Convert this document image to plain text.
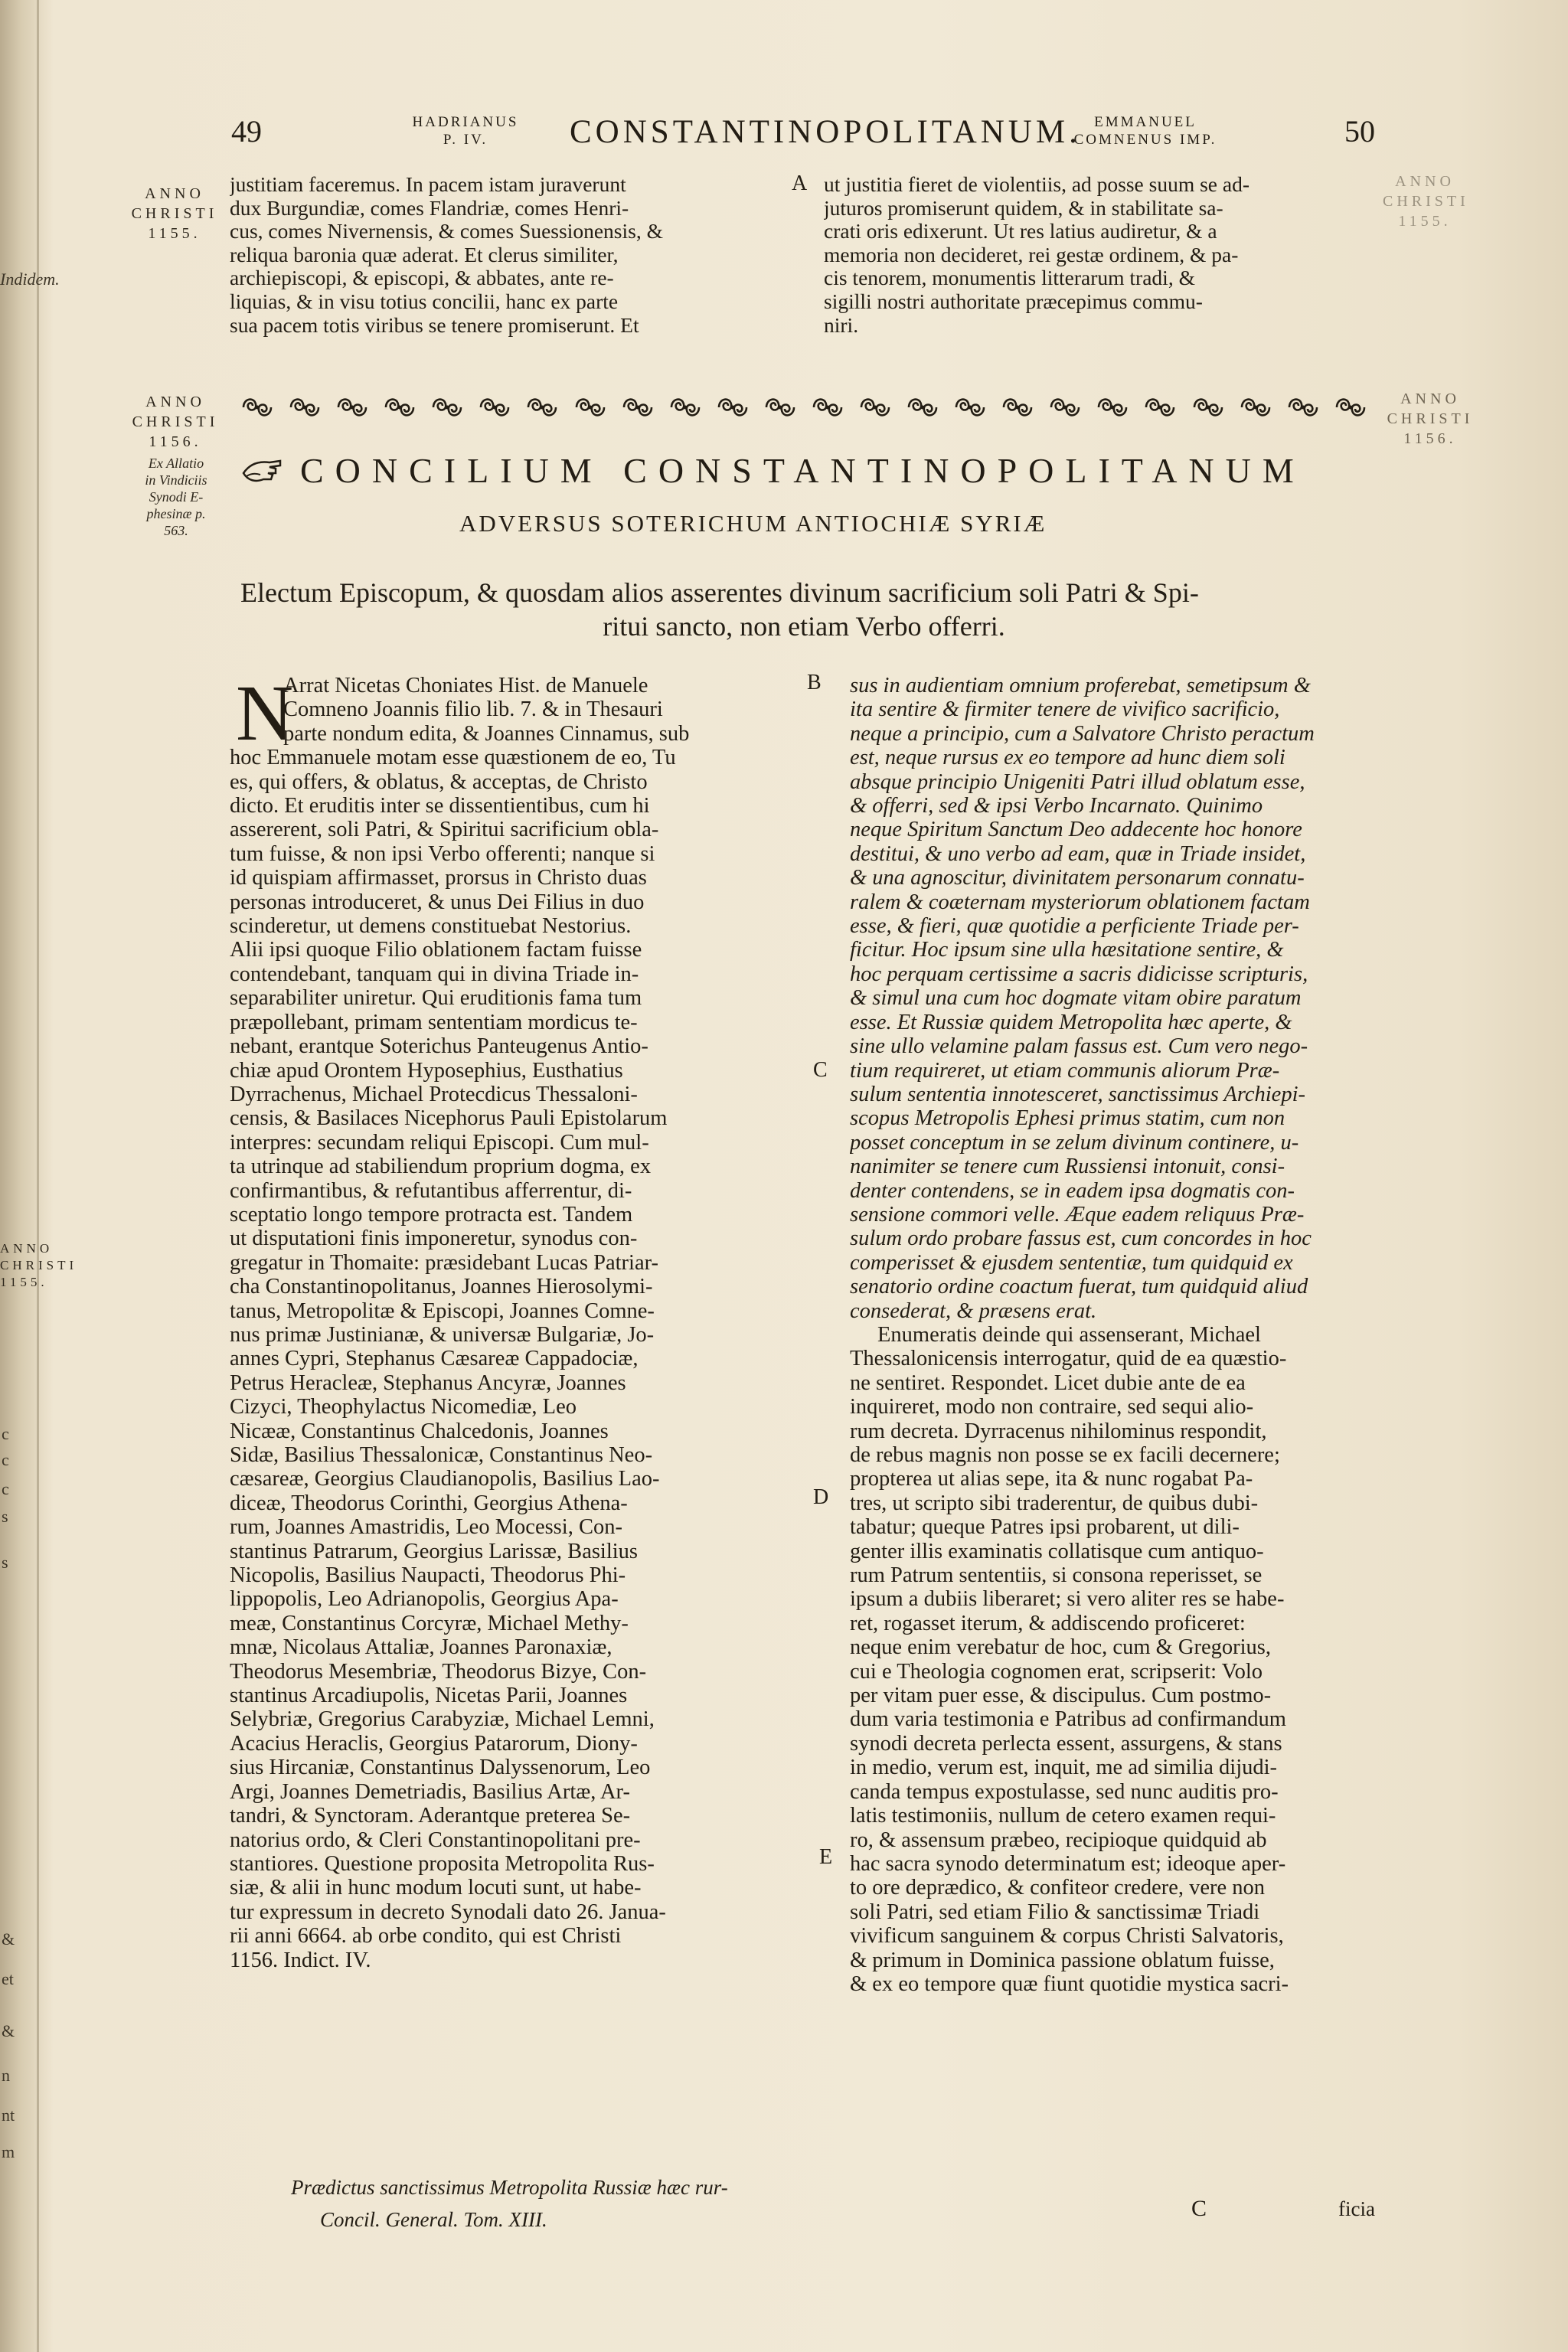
Indidem.
ANNO
CHRISTI
1155.
c
c
c
s
s
&
et
&
n
nt
m
49	HADRIANUS
P. IV.	CONSTANTINOPOLITANUM. EMMANUEL
COMNENUS IMP.	50
ANNO
CHRISTI
1155.
ANNO
CHRISTI
1155.
ANNO
CHRISTI
1156.
Ex Allatio
in Vindiciis
Synodi E-
phesinæ p.
563.
ANNO
CHRISTI
1156.
justitiam faceremus. In pacem istam juraverunt
dux Burgundiæ, comes Flandriæ, comes Henri-
cus, comes Nivernensis, & comes Suessionensis, &
reliqua baronia quæ aderat. Et clerus similiter,
archiepiscopi, & episcopi, & abbates, ante re-
liquias, & in visu totius concilii, hanc ex parte
sua pacem totis viribus se tenere promiserunt. Et
A ut justitia fieret de violentiis, ad posse suum se ad-
juturos promiserunt quidem, & in stabilitate sa-
crati oris edixerunt. Ut res latius audiretur, & a
memoria non decideret, rei gestæ ordinem, & pa-
cis tenorem, monumentis litterarum tradi, &
sigilli nostri authoritate præcepimus commu-
niri.
CONCILIUM CONSTANTINOPOLITANUM
ADVERSUS SOTERICHUM ANTIOCHIÆ SYRIÆ
Electum Episcopum, & quosdam alios asserentes divinum sacrificium soli Patri & Spi-
ritui sancto, non etiam Verbo offerri.
N
Arrat Nicetas Choniates Hist. de Manuele
Comneno Joannis filio lib. 7. & in Thesauri
parte nondum edita, & Joannes Cinnamus, sub
hoc Emmanuele motam esse quæstionem de eo, Tu
es, qui offers, & oblatus, & acceptas, de Christo
dicto. Et eruditis inter se dissentientibus, cum hi
assererent, soli Patri, & Spiritui sacrificium obla-
tum fuisse, & non ipsi Verbo offerenti; nanque si
id quispiam affirmasset, prorsus in Christo duas
personas introduceret, & unus Dei Filius in duo
scinderetur, ut demens constituebat Nestorius.
Alii ipsi quoque Filio oblationem factam fuisse
contendebant, tanquam qui in divina Triade in-
separabiliter uniretur. Qui eruditionis fama tum
præpollebant, primam sententiam mordicus te-
nebant, erantque Soterichus Panteugenus Antio-
chiæ apud Orontem Hyposephius, Eusthatius
Dyrrachenus, Michael Protecdicus Thessaloni-
censis, & Basilaces Nicephorus Pauli Epistolarum
interpres: secundam reliqui Episcopi. Cum mul-
ta utrinque ad stabiliendum proprium dogma, ex
confirmantibus, & refutantibus afferrentur, di-
sceptatio longo tempore protracta est. Tandem
ut disputationi finis imponeretur, synodus con-
gregatur in Thomaite: præsidebant Lucas Patriar-
cha Constantinopolitanus, Joannes Hierosolymi-
tanus, Metropolitæ & Episcopi, Joannes Comne-
nus primæ Justinianæ, & universæ Bulgariæ, Jo-
annes Cypri, Stephanus Cæsareæ Cappadociæ,
Petrus Heracleæ, Stephanus Ancyræ, Joannes
Cizyci, Theophylactus Nicomediæ, Leo
Nicææ, Constantinus Chalcedonis, Joannes
Sidæ, Basilius Thessalonicæ, Constantinus Neo-
cæsareæ, Georgius Claudianopolis, Basilius Lao-
diceæ, Theodorus Corinthi, Georgius Athena-
rum, Joannes Amastridis, Leo Mocessi, Con-
stantinus Patrarum, Georgius Larissæ, Basilius
Nicopolis, Basilius Naupacti, Theodorus Phi-
lippopolis, Leo Adrianopolis, Georgius Apa-
meæ, Constantinus Corcyræ, Michael Methy-
mnæ, Nicolaus Attaliæ, Joannes Paronaxiæ,
Theodorus Mesembriæ, Theodorus Bizye, Con-
stantinus Arcadiupolis, Nicetas Parii, Joannes
Selybriæ, Gregorius Carabyziæ, Michael Lemni,
Acacius Heraclis, Georgius Patarorum, Diony-
sius Hircaniæ, Constantinus Dalyssenorum, Leo
Argi, Joannes Demetriadis, Basilius Artæ, Ar-
tandri, & Synctoram. Aderantque preterea Se-
natorius ordo, & Cleri Constantinopolitani pre-
stantiores. Questione proposita Metropolita Rus-
siæ, & alii in hunc modum locuti sunt, ut habe-
tur expressum in decreto Synodali dato 26. Janua-
rii anni 6664. ab orbe condito, qui est Christi
1156. Indict. IV.
sus in audientiam omnium proferebat, semetipsum &
ita sentire & firmiter tenere de vivifico sacrificio,
neque a principio, cum a Salvatore Christo peractum
est, neque rursus ex eo tempore ad hunc diem soli
absque principio Unigeniti Patri illud oblatum esse,
& offerri, sed & ipsi Verbo Incarnato. Quinimo
neque Spiritum Sanctum Deo addecente hoc honore
destitui, & uno verbo ad eam, quæ in Triade insidet,
& una agnoscitur, divinitatem personarum connatu-
ralem & coæternam mysteriorum oblationem factam
esse, & fieri, quæ quotidie a perficiente Triade per-
ficitur. Hoc ipsum sine ulla hæsitatione sentire, &
hoc perquam certissime a sacris didicisse scripturis,
& simul una cum hoc dogmate vitam obire paratum
esse. Et Russiæ quidem Metropolita hæc aperte, &
sine ullo velamine palam fassus est. Cum vero nego-
tium requireret, ut etiam communis aliorum Præ-
sulum sententia innotesceret, sanctissimus Archiepi-
scopus Metropolis Ephesi primus statim, cum non
posset conceptum in se zelum divinum continere, u-
nanimiter se tenere cum Russiensi intonuit, consi-
denter contendens, se in eadem ipsa dogmatis con-
sensione commori velle. Æque eadem reliquus Præ-
sulum ordo probare fassus est, cum concordes in hoc
comperisset & ejusdem sententiæ, tum quidquid ex
senatorio ordine coactum fuerat, tum quidquid aliud
consederat, & præsens erat.
Enumeratis deinde qui assenserant, Michael
Thessalonicensis interrogatur, quid de ea quæstio-
ne sentiret. Respondet. Licet dubie ante de ea
inquireret, modo non contraire, sed sequi alio-
rum decreta. Dyrracenus nihilominus respondit,
de rebus magnis non posse se ex facili decernere;
propterea ut alias sepe, ita & nunc rogabat Pa-
tres, ut scripto sibi traderentur, de quibus dubi-
tabatur; queque Patres ipsi probarent, ut dili-
genter illis examinatis collatisque cum antiquo-
rum Patrum sententiis, si consona reperisset, se
ipsum a dubiis liberaret; si vero aliter res se habe-
ret, rogasset iterum, & addiscendo proficeret:
neque enim verebatur de hoc, cum & Gregorius,
cui e Theologia cognomen erat, scripserit: Volo
per vitam puer esse, & discipulus. Cum postmo-
dum varia testimonia e Patribus ad confirmandum
synodi decreta perlecta essent, assurgens, & stans
in medio, verum est, inquit, me ad similia dijudi-
canda tempus expostulasse, sed nunc auditis pro-
latis testimoniis, nullum de cetero examen requi-
ro, & assensum præbeo, recipioque quidquid ab
hac sacra synodo determinatum est; ideoque aper-
to ore deprædico, & confiteor credere, vere non
soli Patri, sed etiam Filio & sanctissimæ Triadi
vivificum sanguinem & corpus Christi Salvatoris,
& primum in Dominica passione oblatum fuisse,
& ex eo tempore quæ fiunt quotidie mystica sacri-
B
C
D
E
Prædictus sanctissimus Metropolita Russiæ hæc rur-
Concil. General. Tom. XIII.	C	ficia
